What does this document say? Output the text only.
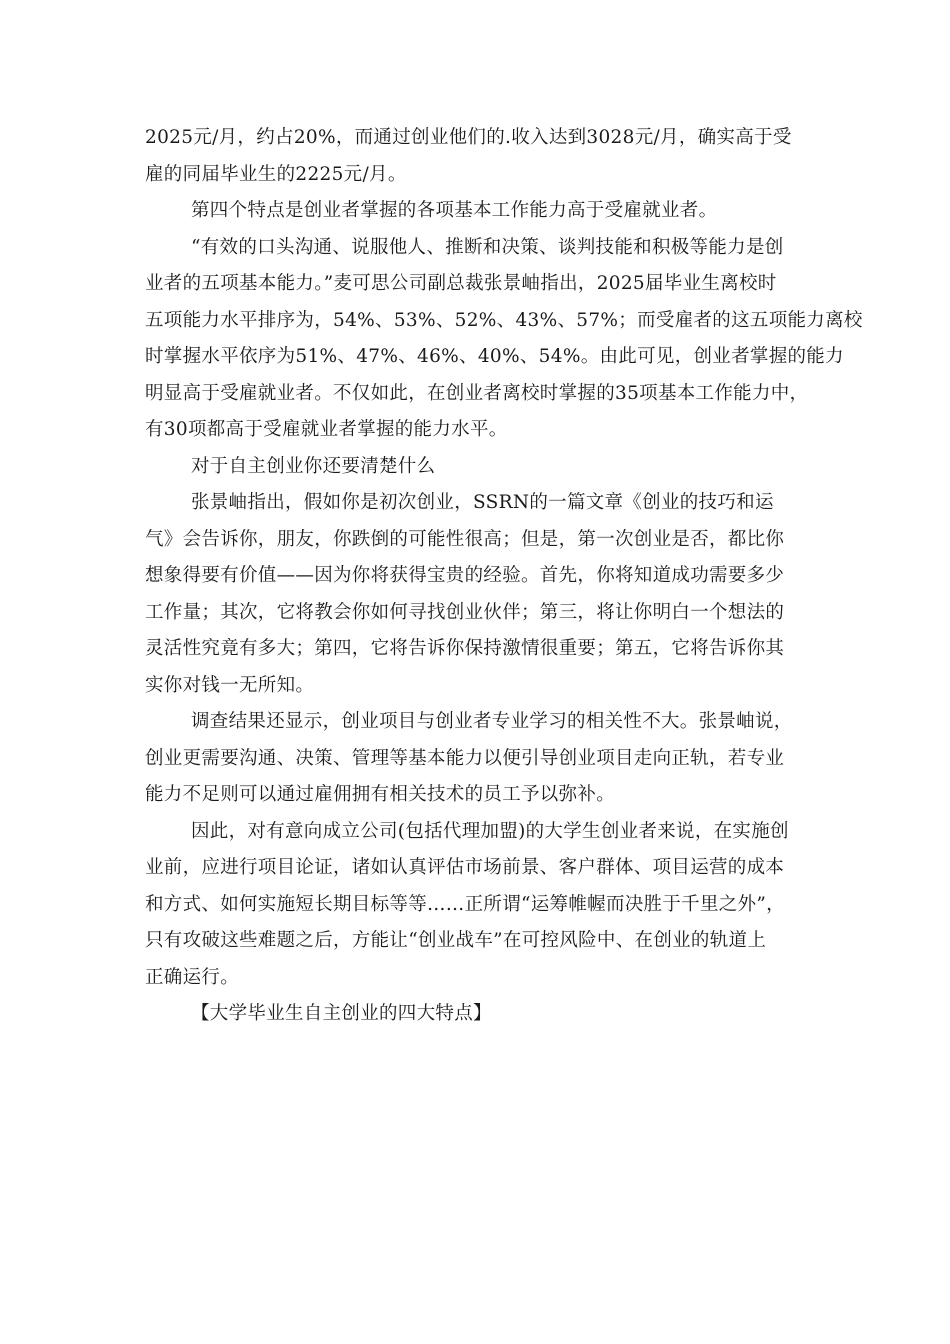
2025元/月，约占20%，而通过创业他们的.收入达到3028元/月，确实高于受
雇的同届毕业生的2225元/月。
第四个特点是创业者掌握的各项基本工作能力高于受雇就业者。
“有效的口头沟通、说服他人、推断和决策、谈判技能和积极等能力是创
业者的五项基本能力。”麦可思公司副总裁张景岫指出，2025届毕业生离校时
五项能力水平排序为，54%、53%、52%、43%、57%；而受雇者的这五项能力离校
时掌握水平依序为51%、47%、46%、40%、54%。由此可见，创业者掌握的能力
明显高于受雇就业者。不仅如此，在创业者离校时掌握的35项基本工作能力中，
有30项都高于受雇就业者掌握的能力水平。
对于自主创业你还要清楚什么
张景岫指出，假如你是初次创业，SSRN的一篇文章《创业的技巧和运
气》会告诉你，朋友，你跌倒的可能性很高；但是，第一次创业是否，都比你
想象得要有价值——因为你将获得宝贵的经验。首先，你将知道成功需要多少
工作量；其次，它将教会你如何寻找创业伙伴；第三，将让你明白一个想法的
灵活性究竟有多大；第四，它将告诉你保持激情很重要；第五，它将告诉你其
实你对钱一无所知。
调查结果还显示，创业项目与创业者专业学习的相关性不大。张景岫说，
创业更需要沟通、决策、管理等基本能力以便引导创业项目走向正轨，若专业
能力不足则可以通过雇佣拥有相关技术的员工予以弥补。
因此，对有意向成立公司(包括代理加盟)的大学生创业者来说，在实施创
业前，应进行项目论证，诸如认真评估市场前景、客户群体、项目运营的成本
和方式、如何实施短长期目标等等……正所谓“运筹帷幄而决胜于千里之外”，
只有攻破这些难题之后，方能让“创业战车”在可控风险中、在创业的轨道上
正确运行。
【大学毕业生自主创业的四大特点】
